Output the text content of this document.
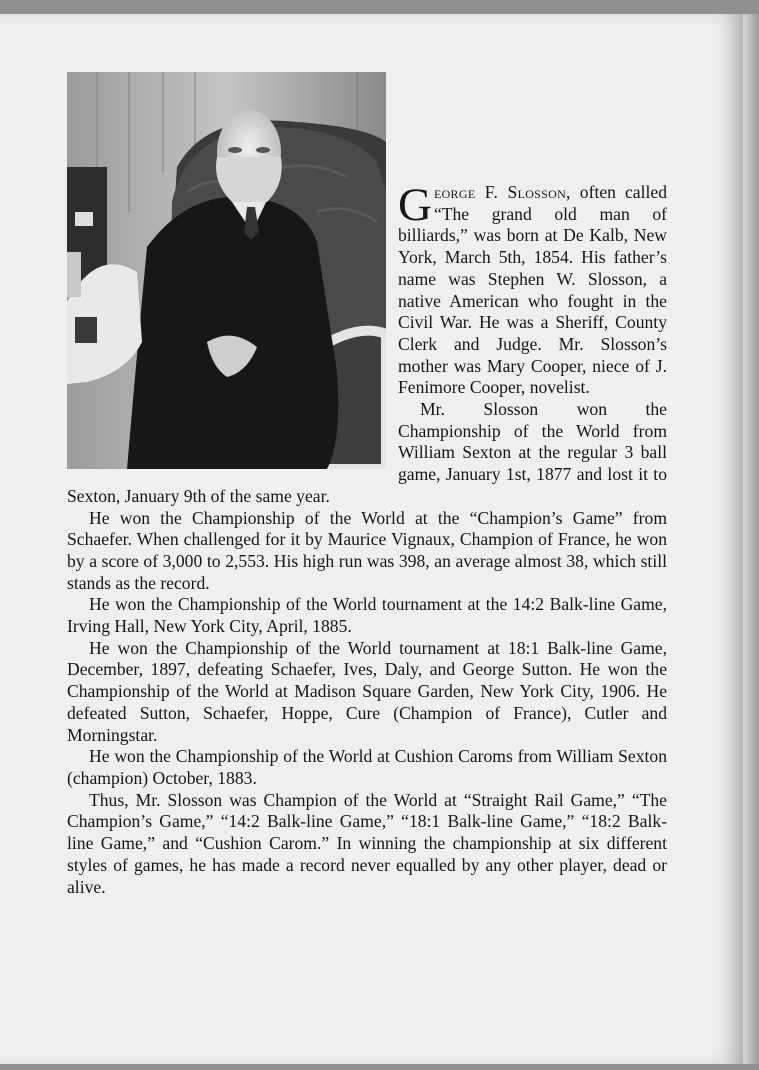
George F. Slosson, often called “The grand old man of billiards,” was born at De Kalb, New York, March 5th, 1854. His father’s name was Stephen W. Slosson, a native American who fought in the Civil War. He was a Sheriff, County Clerk and Judge. Mr. Slosson’s mother was Mary Cooper, niece of J. Fenimore Cooper, novelist.

Mr. Slosson won the Championship of the World from William Sexton at the regular 3 ball game, January 1st, 1877 and lost it to Sexton, January 9th of the same year.

He won the Championship of the World at the “Champion’s Game” from Schaefer. When challenged for it by Maurice Vignaux, Champion of France, he won by a score of 3,000 to 2,553. His high run was 398, an average almost 38, which still stands as the record.

He won the Championship of the World tournament at the 14:2 Balk-line Game, Irving Hall, New York City, April, 1885.

He won the Championship of the World tournament at 18:1 Balk-line Game, December, 1897, defeating Schaefer, Ives, Daly, and George Sutton. He won the Championship of the World at Madison Square Garden, New York City, 1906. He defeated Sutton, Schaefer, Hoppe, Cure (Champion of France), Cutler and Morningstar.

He won the Championship of the World at Cushion Caroms from William Sexton (champion) October, 1883.

Thus, Mr. Slosson was Champion of the World at “Straight Rail Game,” “The Champion’s Game,” “14:2 Balk-line Game,” “18:1 Balk-line Game,” “18:2 Balk-line Game,” and “Cushion Carom.” In winning the championship at six different styles of games, he has made a record never equalled by any other player, dead or alive.
